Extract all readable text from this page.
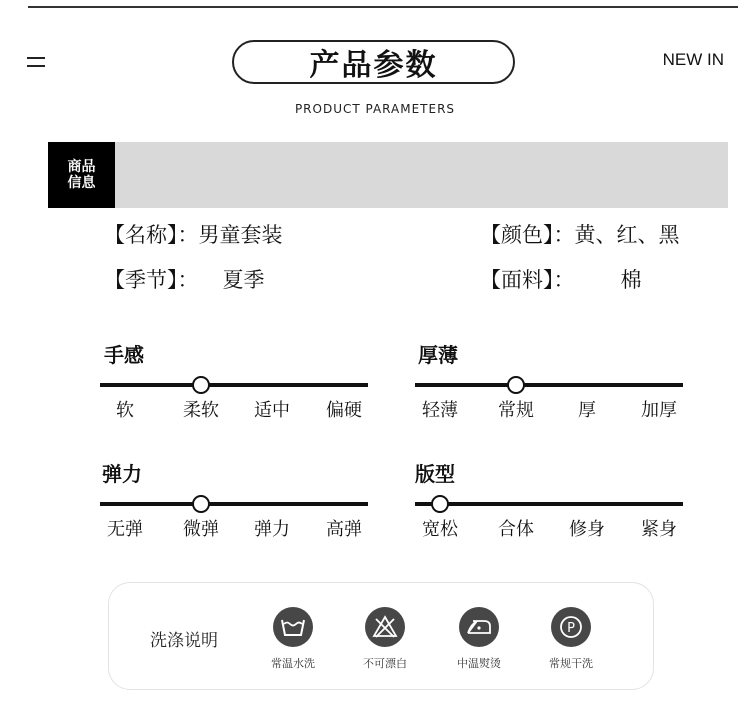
产品参数
PRODUCT PARAMETERS
NEW IN
商品
信息
【名称】：男童套装	【颜色】：黄、红、黑
【季节】： 夏季	【面料】： 棉
手感
软	柔软 适中 偏硬
厚薄
轻薄 常规 厚	加厚
弹力
无弹 微弹 弹力 高弹
版型
宽松 合体 修身 紧身
洗涤说明
常温水洗	不可漂白	中温熨烫
P
常规干洗
